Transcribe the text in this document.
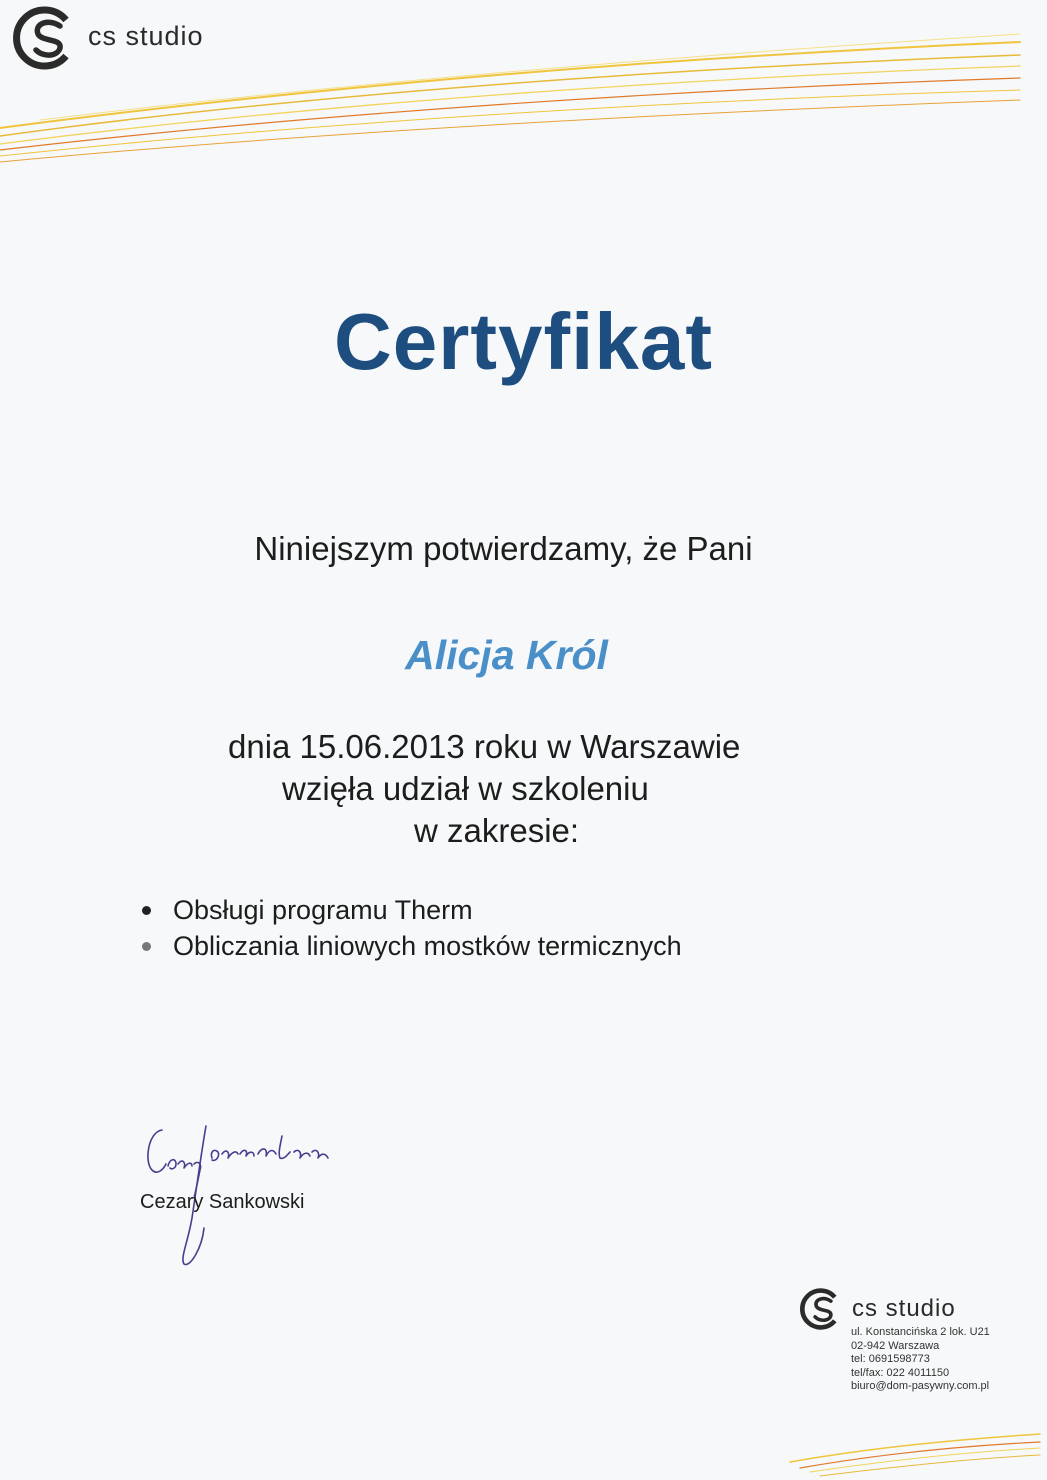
cs studio
Certyfikat
Niniejszym potwierdzamy, że Pani
Alicja Król
dnia 15.06.2013 roku w Warszawie
wzięła udział w szkoleniu
w zakresie:
Obsługi programu Therm
Obliczania liniowych mostków termicznych
Cezary Sankowski
cs studio
ul. Konstancińska 2 lok. U21
02-942 Warszawa
tel: 0691598773
tel/fax: 022 4011150
biuro@dom-pasywny.com.pl
